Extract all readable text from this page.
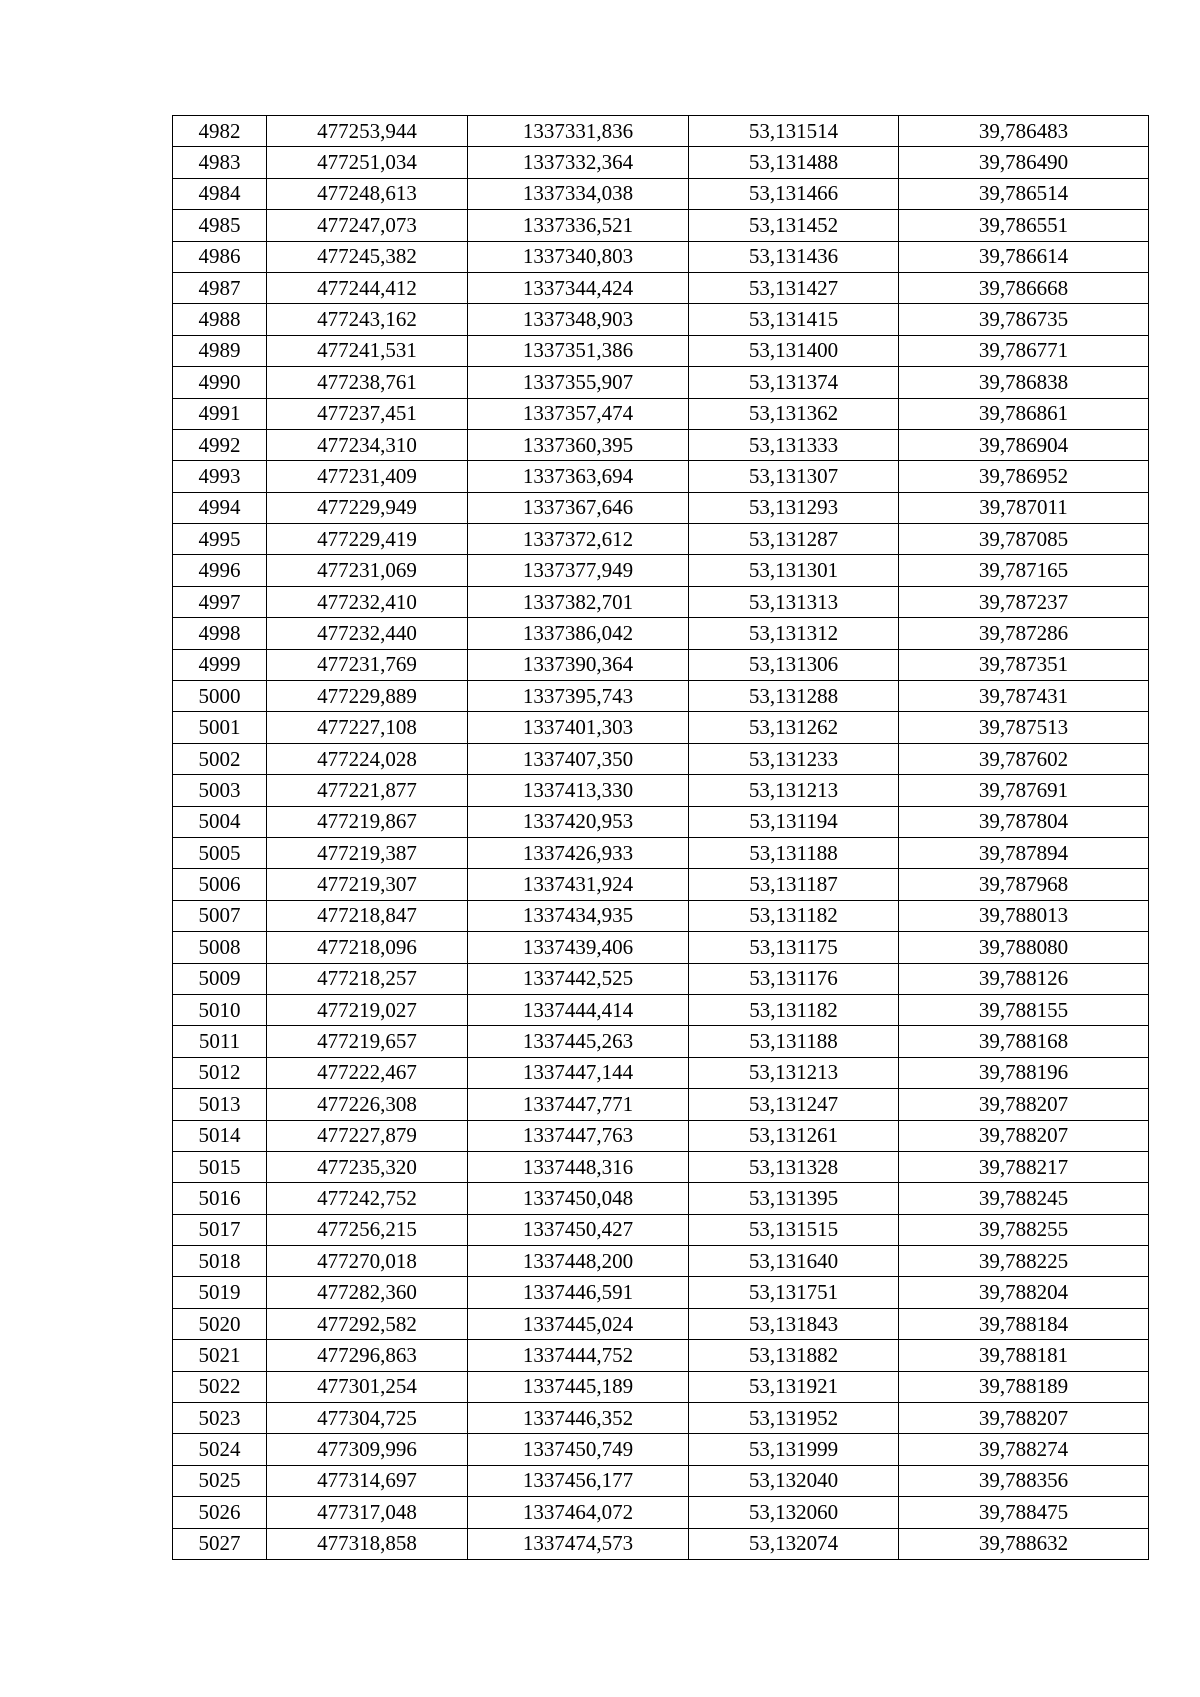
4982	477253,944	1337331,836	53,131514	39,786483
4983	477251,034	1337332,364	53,131488	39,786490
4984	477248,613	1337334,038	53,131466	39,786514
4985	477247,073	1337336,521	53,131452	39,786551
4986	477245,382	1337340,803	53,131436	39,786614
4987	477244,412	1337344,424	53,131427	39,786668
4988	477243,162	1337348,903	53,131415	39,786735
4989	477241,531	1337351,386	53,131400	39,786771
4990	477238,761	1337355,907	53,131374	39,786838
4991	477237,451	1337357,474	53,131362	39,786861
4992	477234,310	1337360,395	53,131333	39,786904
4993	477231,409	1337363,694	53,131307	39,786952
4994	477229,949	1337367,646	53,131293	39,787011
4995	477229,419	1337372,612	53,131287	39,787085
4996	477231,069	1337377,949	53,131301	39,787165
4997	477232,410	1337382,701	53,131313	39,787237
4998	477232,440	1337386,042	53,131312	39,787286
4999	477231,769	1337390,364	53,131306	39,787351
5000	477229,889	1337395,743	53,131288	39,787431
5001	477227,108	1337401,303	53,131262	39,787513
5002	477224,028	1337407,350	53,131233	39,787602
5003	477221,877	1337413,330	53,131213	39,787691
5004	477219,867	1337420,953	53,131194	39,787804
5005	477219,387	1337426,933	53,131188	39,787894
5006	477219,307	1337431,924	53,131187	39,787968
5007	477218,847	1337434,935	53,131182	39,788013
5008	477218,096	1337439,406	53,131175	39,788080
5009	477218,257	1337442,525	53,131176	39,788126
5010	477219,027	1337444,414	53,131182	39,788155
5011	477219,657	1337445,263	53,131188	39,788168
5012	477222,467	1337447,144	53,131213	39,788196
5013	477226,308	1337447,771	53,131247	39,788207
5014	477227,879	1337447,763	53,131261	39,788207
5015	477235,320	1337448,316	53,131328	39,788217
5016	477242,752	1337450,048	53,131395	39,788245
5017	477256,215	1337450,427	53,131515	39,788255
5018	477270,018	1337448,200	53,131640	39,788225
5019	477282,360	1337446,591	53,131751	39,788204
5020	477292,582	1337445,024	53,131843	39,788184
5021	477296,863	1337444,752	53,131882	39,788181
5022	477301,254	1337445,189	53,131921	39,788189
5023	477304,725	1337446,352	53,131952	39,788207
5024	477309,996	1337450,749	53,131999	39,788274
5025	477314,697	1337456,177	53,132040	39,788356
5026	477317,048	1337464,072	53,132060	39,788475
5027	477318,858	1337474,573	53,132074	39,788632
